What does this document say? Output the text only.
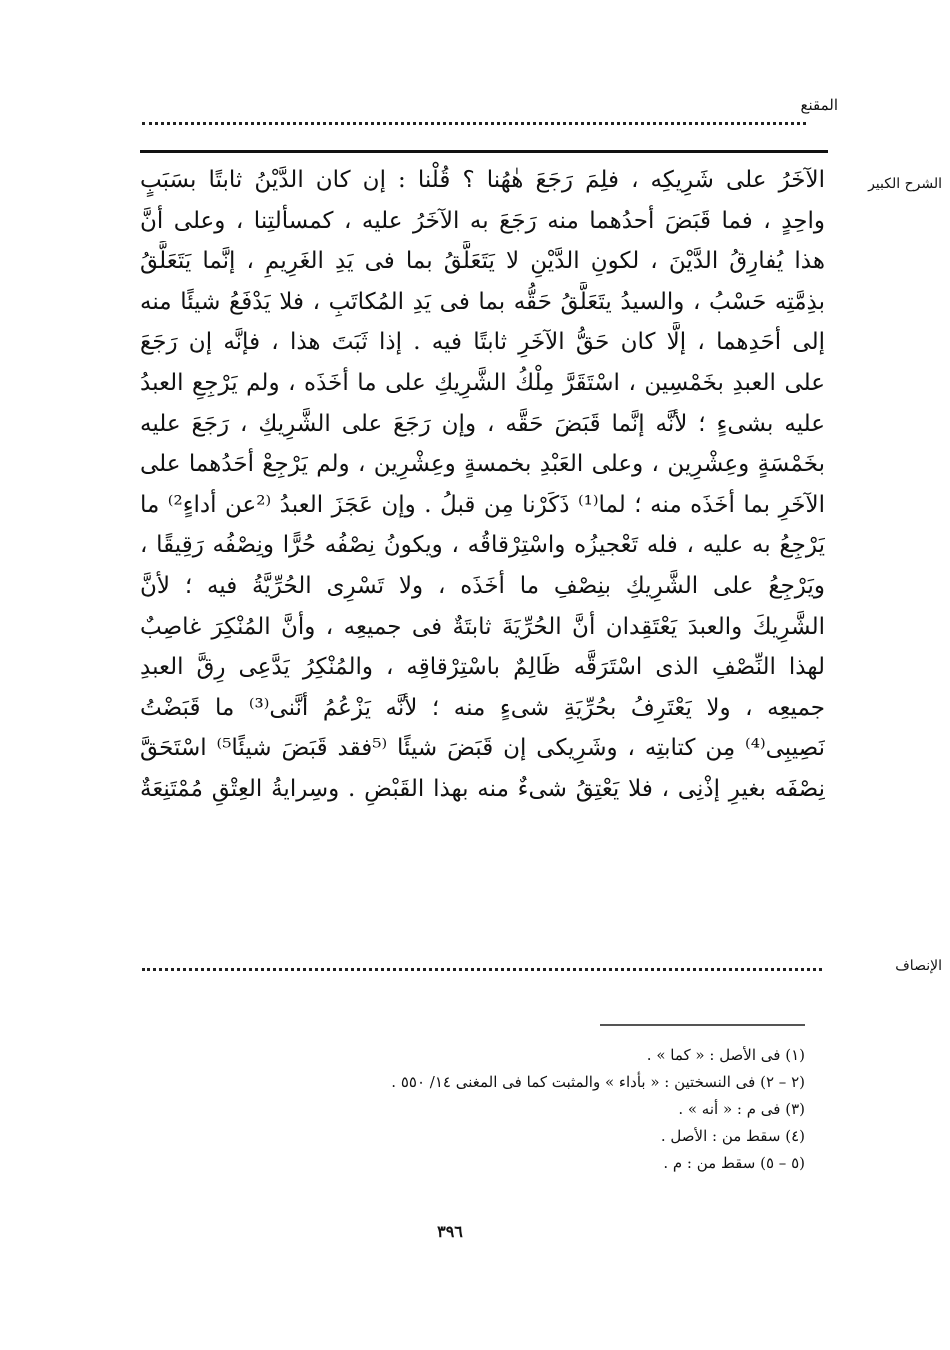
المقنع
الشرح الكبير
الآخَرُ على شَرِيكِه ، فلِمَ رَجَعَ هٰهُنا ؟ قُلْنا : إن كان الدَّيْنُ ثابتًا بسَبَبٍ
واحِدٍ ، فما قَبَضَ أحدُهما منه رَجَعَ به الآخَرُ عليه ، كمسألتِنا ، وعلى أنَّ
هذا يُفارِقُ الدَّيْنَ ، لكونِ الدَّيْنِ لا يَتَعَلَّقُ بما فى يَدِ الغَرِيمِ ، إنَّما يَتَعَلَّقُ
بذِمَّتِه حَسْبُ ، والسيدُ يتَعَلَّقُ حَقُّه بما فى يَدِ المُكاتَبِ ، فلا يَدْفَعُ شيئًا منه
إلى أحَدِهما ، إلَّا كان حَقُّ الآخَرِ ثابتًا فيه . إذا ثَبَتَ هذا ، فإنَّه إن رَجَعَ
على العبدِ بخَمْسِين ، اسْتَقَرَّ مِلْكُ الشَّرِيكِ على ما أخَذَه ، ولم يَرْجِعِ العبدُ
عليه بشىءٍ ؛ لأنَّه إنَّما قَبَضَ حَقَّه ، وإن رَجَعَ على الشَّرِيكِ ، رَجَعَ عليه
بخَمْسَةٍ وعِشْرِين ، وعلى العَبْدِ بخمسةٍ وعِشْرِين ، ولم يَرْجِعْ أحَدُهما على
الآخَرِ بما أخَذَه منه ؛ لما⁽¹⁾ ذَكَرْنا مِن قبلُ . وإن عَجَزَ العبدُ ⁽²عن أداءٍ²⁾ ما
يَرْجِعُ به عليه ، فله تَعْجيزُه واسْتِرْقاقُه ، ويكونُ نِصْفُه حُرًّا ونِصْفُه رَقِيقًا ،
ويَرْجِعُ على الشَّرِيكِ بنِصْفِ ما أخَذَه ، ولا تَسْرِى الحُرِّيَّةُ فيه ؛ لأنَّ
الشَّرِيكَ والعبدَ يَعْتَقِدان أنَّ الحُرِّيَةَ ثابتَةٌ فى جميعِه ، وأنَّ المُنْكِرَ غاصِبٌ
لهذا النِّصْفِ الذى اسْتَرَقَّه ظَالِمٌ باسْتِرْقاقِه ، والمُنْكِرُ يَدَّعِى رِقَّ العبدِ
جميعِه ، ولا يَعْتَرِفُ بحُرِّيَةِ شىءٍ منه ؛ لأنَّه يَزْعُمُ أنَّنى⁽³⁾ ما قَبَضْتُ
نَصِيبِى⁽⁴⁾ مِن كتابتِه ، وشَرِيكى إن قَبَضَ شيئًا ⁽⁵فقد قَبَضَ شيئًا⁵⁾ اسْتَحَقَّ
نِصْفَه بغيرِ إذْنِى ، فلا يَعْتِقُ شىءٌ منه بهذا القَبْضِ . وسِرايةُ العِتْقِ مُمْتَنِعَةٌ
الإنصاف
(١) فى الأصل : « كما » .
(٢ – ٢) فى النسختين : « بأداء » والمثبت كما فى المغنى ١٤/ ٥٥٠ .
(٣) فى م : « أنه » .
(٤) سقط من : الأصل .
(٥ – ٥) سقط من : م .
٣٩٦
